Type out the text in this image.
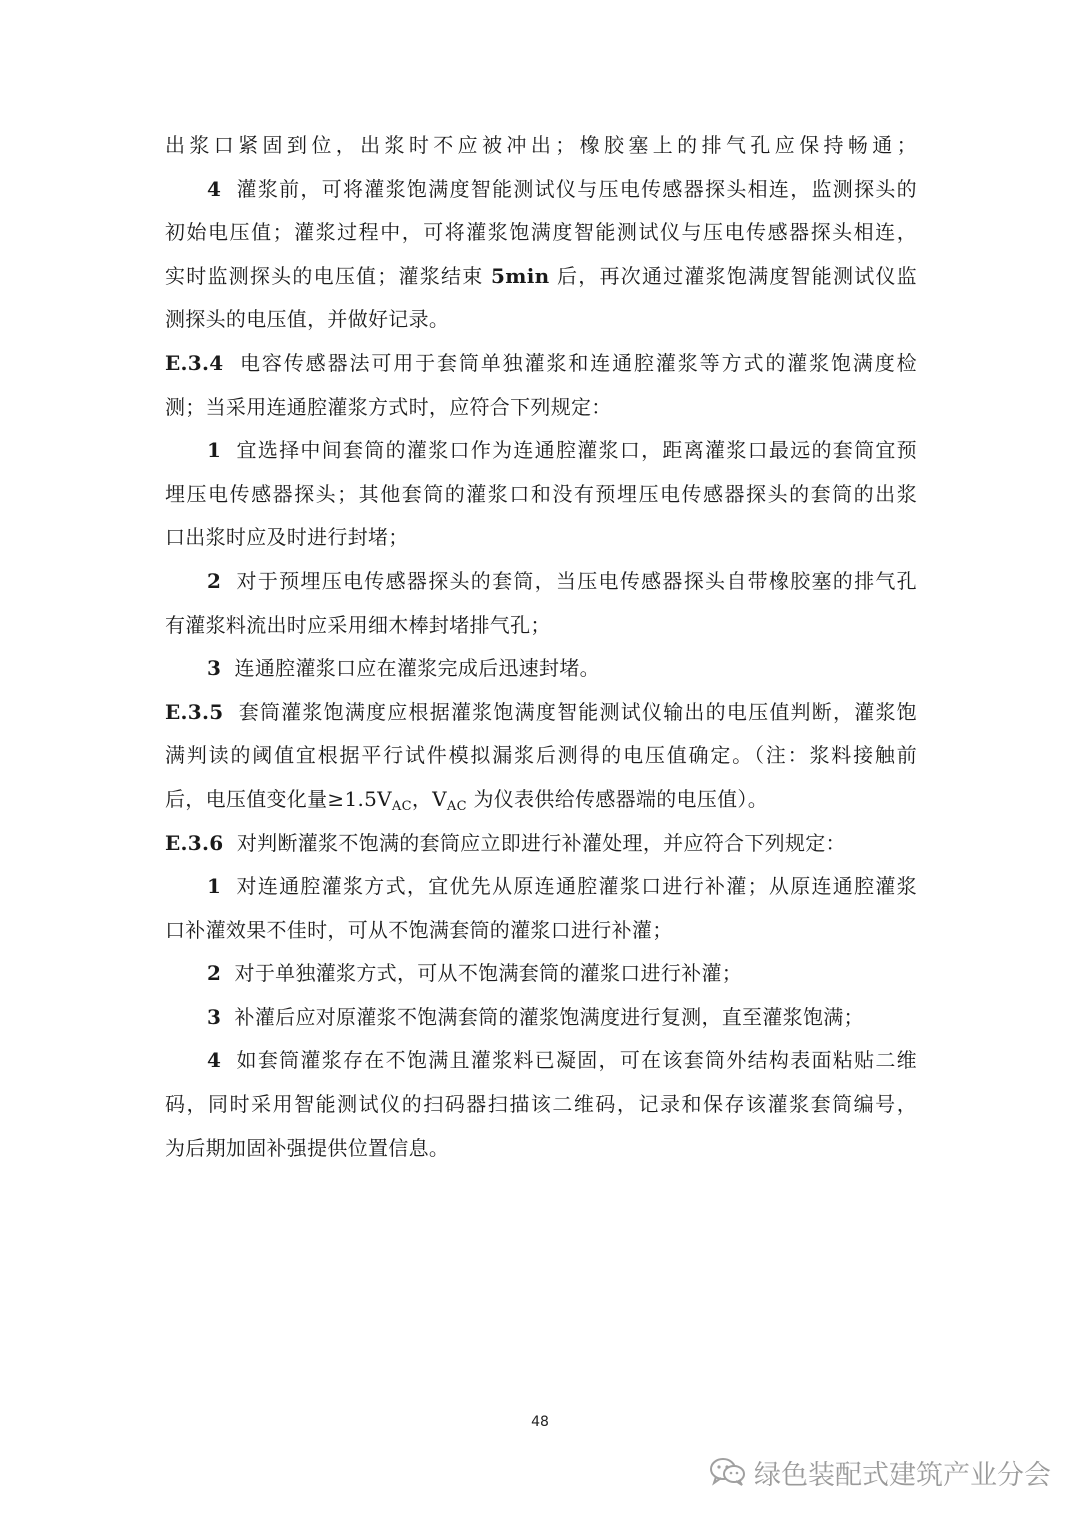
出浆口紧固到位，出浆时不应被冲出；橡胶塞上的排气孔应保持畅通；
4 灌浆前，可将灌浆饱满度智能测试仪与压电传感器探头相连，监测探头的
初始电压值；灌浆过程中，可将灌浆饱满度智能测试仪与压电传感器探头相连，
实时监测探头的电压值；灌浆结束 5min 后，再次通过灌浆饱满度智能测试仪监
测探头的电压值，并做好记录。
E.3.4 电容传感器法可用于套筒单独灌浆和连通腔灌浆等方式的灌浆饱满度检
测；当采用连通腔灌浆方式时，应符合下列规定：
1 宜选择中间套筒的灌浆口作为连通腔灌浆口，距离灌浆口最远的套筒宜预
埋压电传感器探头；其他套筒的灌浆口和没有预埋压电传感器探头的套筒的出浆
口出浆时应及时进行封堵；
2 对于预埋压电传感器探头的套筒，当压电传感器探头自带橡胶塞的排气孔
有灌浆料流出时应采用细木棒封堵排气孔；
3 连通腔灌浆口应在灌浆完成后迅速封堵。
E.3.5 套筒灌浆饱满度应根据灌浆饱满度智能测试仪输出的电压值判断，灌浆饱
满判读的阈值宜根据平行试件模拟漏浆后测得的电压值确定。（注：浆料接触前
后，电压值变化量$\ge 1.5V_{AC}$，$V_{AC}$ 为仪表供给传感器端的电压值）。
E.3.6 对判断灌浆不饱满的套筒应立即进行补灌处理，并应符合下列规定：
1 对连通腔灌浆方式，宜优先从原连通腔灌浆口进行补灌；从原连通腔灌浆
口补灌效果不佳时，可从不饱满套筒的灌浆口进行补灌；
2 对于单独灌浆方式，可从不饱满套筒的灌浆口进行补灌；
3 补灌后应对原灌浆不饱满套筒的灌浆饱满度进行复测，直至灌浆饱满；
4 如套筒灌浆存在不饱满且灌浆料已凝固，可在该套筒外结构表面粘贴二维
码，同时采用智能测试仪的扫码器扫描该二维码，记录和保存该灌浆套筒编号，
为后期加固补强提供位置信息。
48
绿色装配式建筑产业分会
